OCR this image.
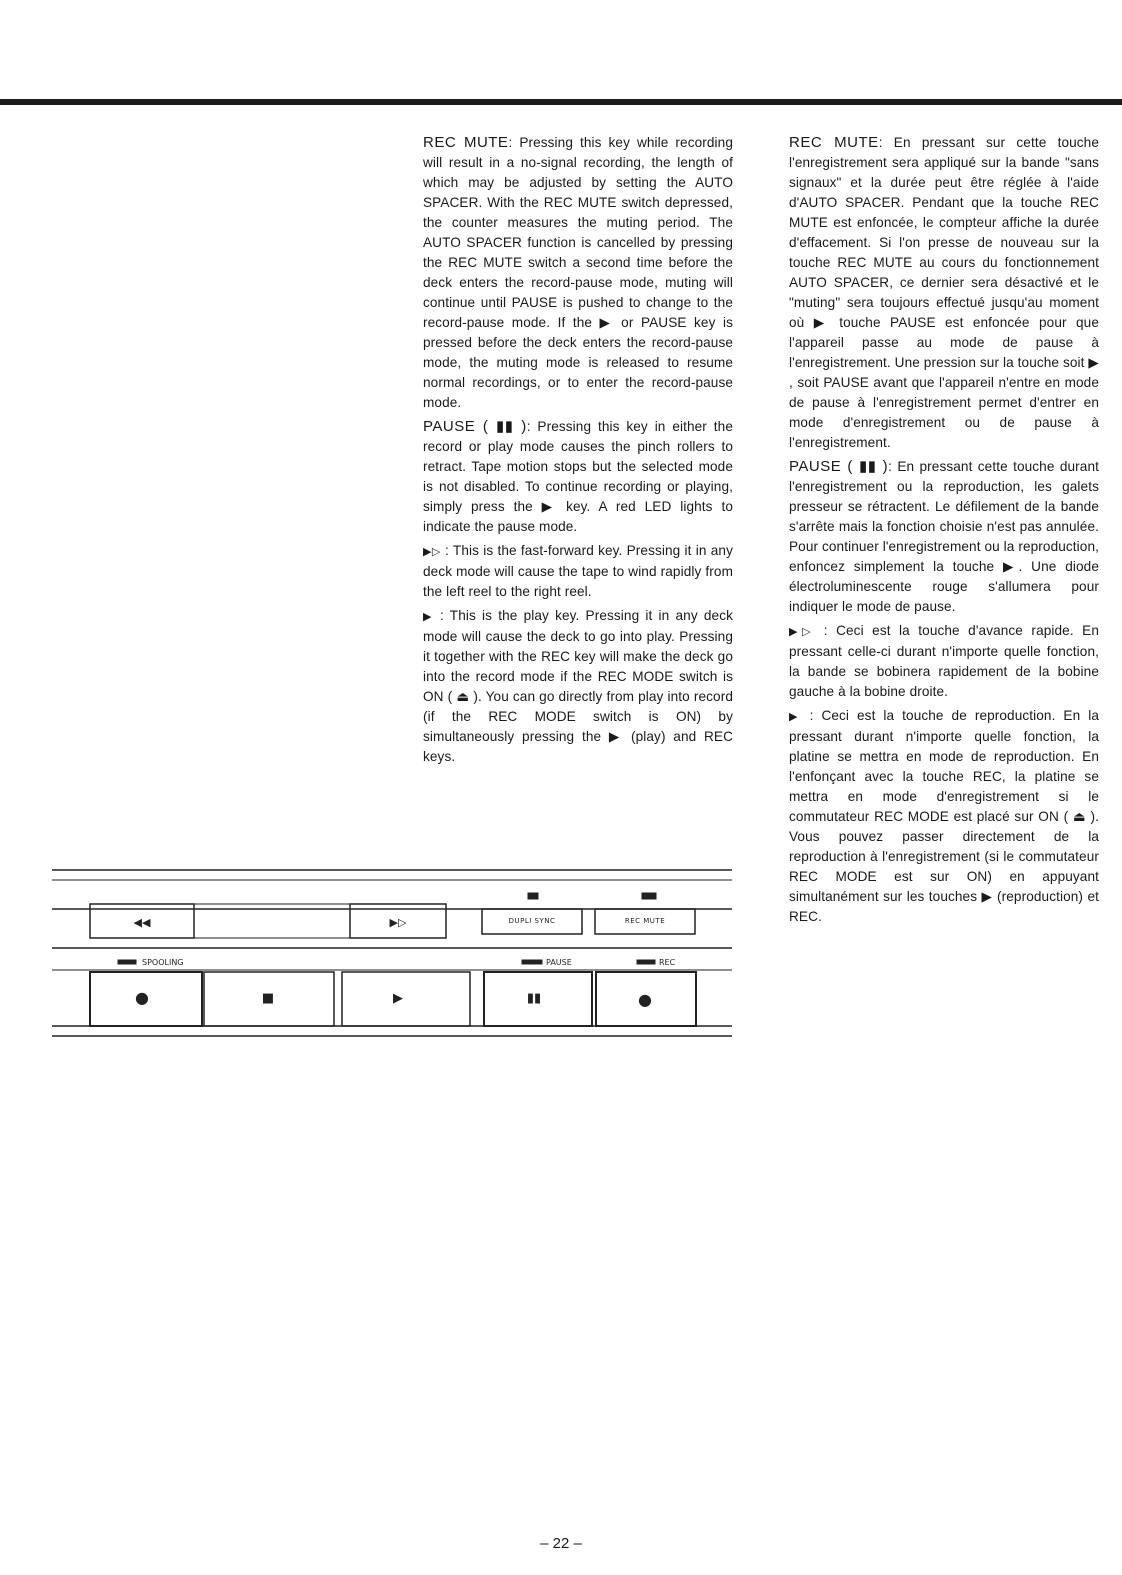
REC MUTE: Pressing this key while recording will result in a no-signal recording, the length of which may be adjusted by setting the AUTO SPACER. With the REC MUTE switch depressed, the counter measures the muting period. The AUTO SPACER function is cancelled by pressing the REC MUTE switch a second time before the deck enters the record-pause mode, muting will continue until PAUSE is pushed to change to the record-pause mode. If the ▶ or PAUSE key is pressed before the deck enters the record-pause mode, the muting mode is released to resume normal recordings, or to enter the record-pause mode.

PAUSE ( ▮▮ ): Pressing this key in either the record or play mode causes the pinch rollers to retract. Tape motion stops but the selected mode is not disabled. To continue recording or playing, simply press the ▶ key. A red LED lights to indicate the pause mode.

▶▷ : This is the fast-forward key. Pressing it in any deck mode will cause the tape to wind rapidly from the left reel to the right reel.

▶ : This is the play key. Pressing it in any deck mode will cause the deck to go into play. Pressing it together with the REC key will make the deck go into the record mode if the REC MODE switch is ON ( ⏏ ). You can go directly from play into record (if the REC MODE switch is ON) by simultaneously pressing the ▶ (play) and REC keys.

REC MUTE: En pressant sur cette touche l'enregistrement sera appliqué sur la bande "sans signaux" et la durée peut être réglée à l'aide d'AUTO SPACER. Pendant que la touche REC MUTE est enfoncée, le compteur affiche la durée d'effacement. Si l'on presse de nouveau sur la touche REC MUTE au cours du fonctionnement AUTO SPACER, ce dernier sera désactivé et le "muting" sera toujours effectué jusqu'au moment où ▶ touche PAUSE est enfoncée pour que l'appareil passe au mode de pause à l'enregistrement. Une pression sur la touche soit ▶ , soit PAUSE avant que l'appareil n'entre en mode de pause à l'enregistrement permet d'entrer en mode d'enregistrement ou de pause à l'enregistrement.

PAUSE ( ▮▮ ): En pressant cette touche durant l'enregistrement ou la reproduction, les galets presseur se rétractent. Le défilement de la bande s'arrête mais la fonction choisie n'est pas annulée. Pour continuer l'enregistrement ou la reproduction, enfoncez simplement la touche ▶. Une diode électroluminescente rouge s'allumera pour indiquer le mode de pause.

▶▷ : Ceci est la touche d'avance rapide. En pressant celle-ci durant n'importe quelle fonction, la bande se bobinera rapidement de la bobine gauche à la bobine droite.

▶ : Ceci est la touche de reproduction. En la pressant durant n'importe quelle fonction, la platine se mettra en mode de reproduction. En l'enfonçant avec la touche REC, la platine se mettra en mode d'enregistrement si le commutateur REC MODE est placé sur ON ( ⏏ ). Vous pouvez passer directement de la reproduction à l'enregistrement (si le commutateur REC MODE est sur ON) en appuyant simultanément sur les touches ▶ (reproduction) et REC.

◀◀	▶▷	DUPLI SYNC	REC MUTE
SPOOLING	PAUSE	REC
●	■	▶	▮▮	●
– 22 –
